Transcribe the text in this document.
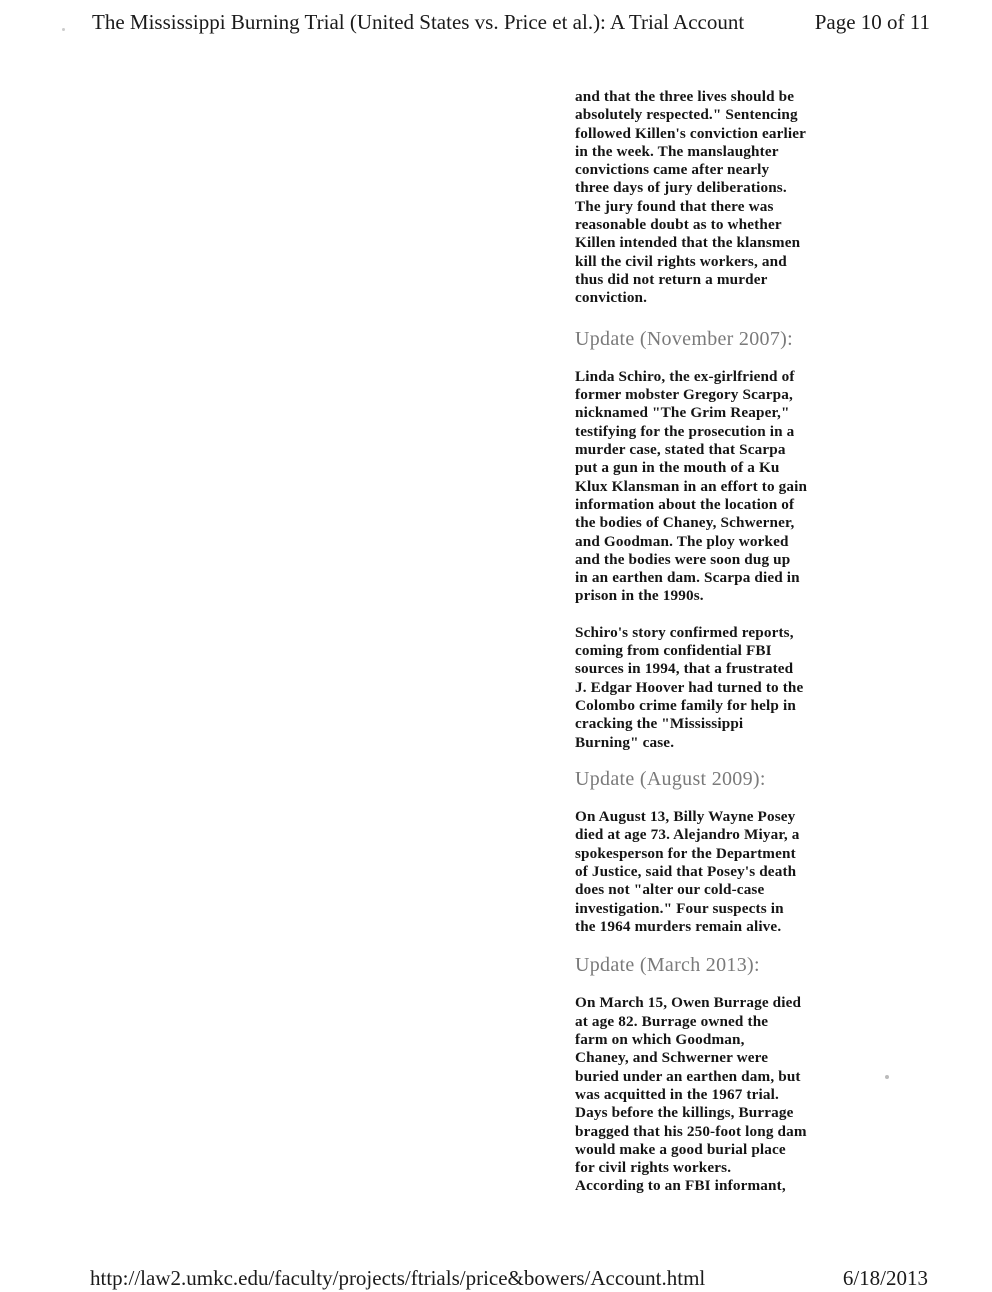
The Mississippi Burning Trial (United States vs. Price et al.): A Trial Account	Page 10 of 11

and that the three lives should be
absolutely respected." Sentencing
followed Killen's conviction earlier
in the week. The manslaughter
convictions came after nearly
three days of jury deliberations.
The jury found that there was
reasonable doubt as to whether
Killen intended that the klansmen
kill the civil rights workers, and
thus did not return a murder
conviction.

Update (November 2007):

Linda Schiro, the ex-girlfriend of
former mobster Gregory Scarpa,
nicknamed "The Grim Reaper,"
testifying for the prosecution in a
murder case, stated that Scarpa
put a gun in the mouth of a Ku
Klux Klansman in an effort to gain
information about the location of
the bodies of Chaney, Schwerner,
and Goodman. The ploy worked
and the bodies were soon dug up
in an earthen dam. Scarpa died in
prison in the 1990s.

Schiro's story confirmed reports,
coming from confidential FBI
sources in 1994, that a frustrated
J. Edgar Hoover had turned to the
Colombo crime family for help in
cracking the "Mississippi
Burning" case.

Update (August 2009):

On August 13, Billy Wayne Posey
died at age 73. Alejandro Miyar, a
spokesperson for the Department
of Justice, said that Posey's death
does not "alter our cold-case
investigation." Four suspects in
the 1964 murders remain alive.

Update (March 2013):

On March 15, Owen Burrage died
at age 82. Burrage owned the
farm on which Goodman,
Chaney, and Schwerner were
buried under an earthen dam, but
was acquitted in the 1967 trial.
Days before the killings, Burrage
bragged that his 250-foot long dam
would make a good burial place
for civil rights workers.
According to an FBI informant,

http://law2.umkc.edu/faculty/projects/ftrials/price&bowers/Account.html	6/18/2013
